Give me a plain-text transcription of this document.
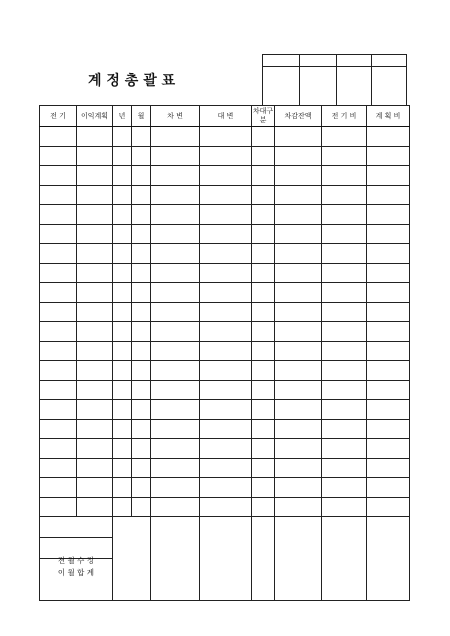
계 정 총 괄 표

전 기	이익계획	년	월	차 변	대 변	차대구분	차감잔액	전 기 비	계 획 비

전 월 수 정
이 월 합 계
